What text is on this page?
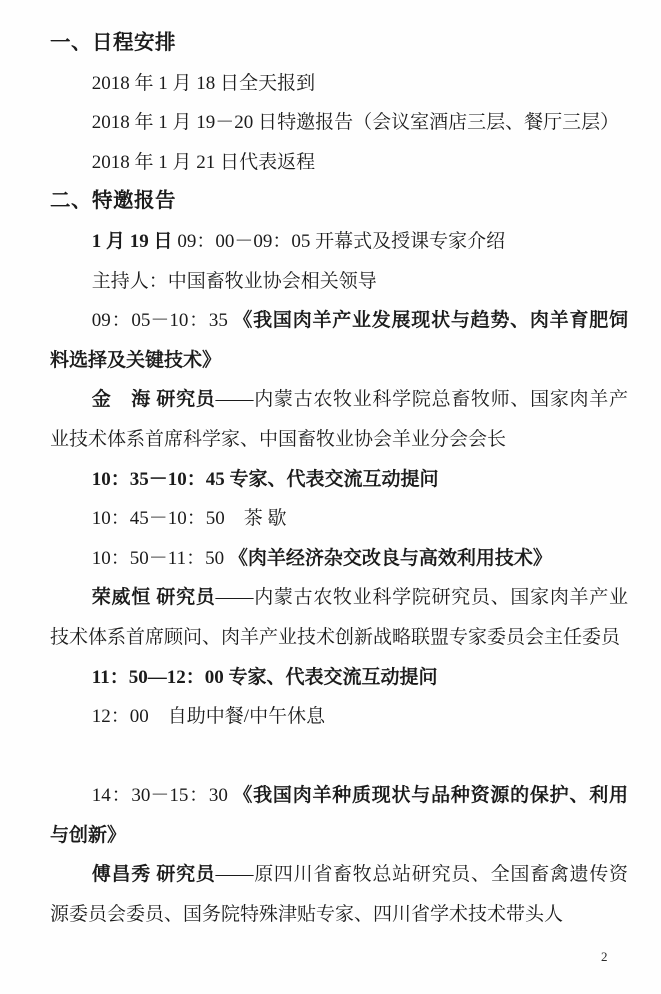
一、日程安排

2018 年 1 月 18 日全天报到

2018 年 1 月 19－20 日特邀报告（会议室酒店三层、餐厅三层）

2018 年 1 月 21 日代表返程

二、特邀报告

1 月 19 日 09：00－09：05 开幕式及授课专家介绍

主持人：中国畜牧业协会相关领导

09：05－10：35 《我国肉羊产业发展现状与趋势、肉羊育肥饲料选择及关键技术》

金　海 研究员——内蒙古农牧业科学院总畜牧师、国家肉羊产业技术体系首席科学家、中国畜牧业协会羊业分会会长

10：35－10：45 专家、代表交流互动提问

10：45－10：50　茶 歇

10：50－11：50 《肉羊经济杂交改良与高效利用技术》

荣威恒 研究员——内蒙古农牧业科学院研究员、国家肉羊产业技术体系首席顾问、肉羊产业技术创新战略联盟专家委员会主任委员

11：50—12：00 专家、代表交流互动提问

12：00　自助中餐/中午休息

14：30－15：30 《我国肉羊种质现状与品种资源的保护、利用与创新》

傅昌秀 研究员——原四川省畜牧总站研究员、全国畜禽遗传资源委员会委员、国务院特殊津贴专家、四川省学术技术带头人

2
